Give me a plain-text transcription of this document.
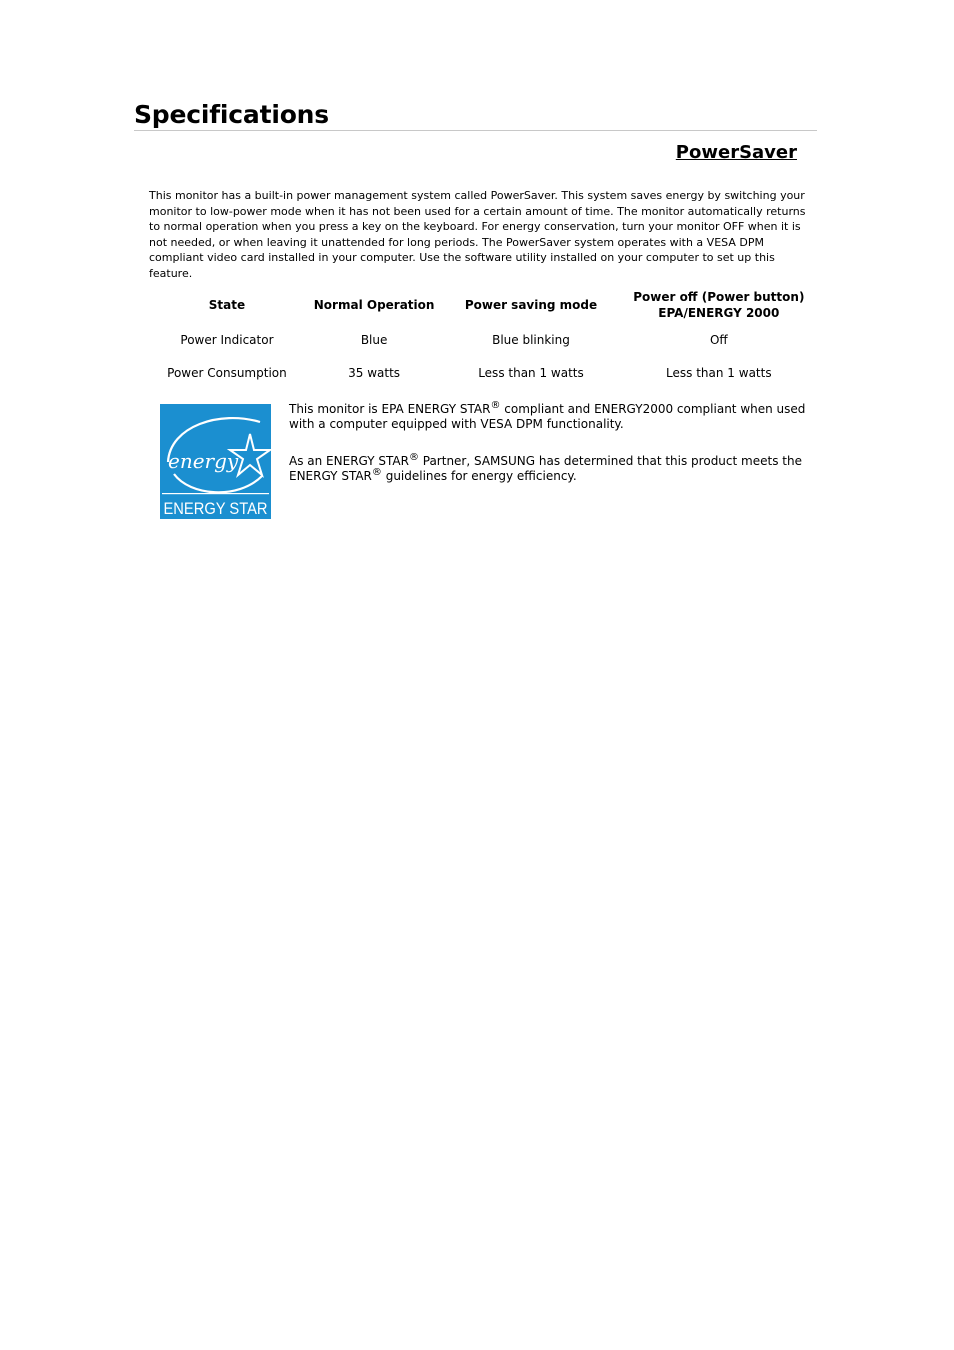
Specifications
PowerSaver

This monitor has a built-in power management system called PowerSaver. This system saves energy by switching your monitor to low-power mode when it has not been used for a certain amount of time. The monitor automatically returns to normal operation when you press a key on the keyboard. For energy conservation, turn your monitor OFF when it is not needed, or when leaving it unattended for long periods. The PowerSaver system operates with a VESA DPM compliant video card installed in your computer. Use the software utility installed on your computer to set up this feature.

State	Normal Operation	Power saving mode	Power off (Power button)
EPA/ENERGY 2000
Power Indicator	Blue	Blue blinking	Off
Power Consumption	35 watts	Less than 1 watts	Less than 1 watts
energy
ENERGY STAR

This monitor is EPA ENERGY STAR® compliant and ENERGY2000 compliant when used with a computer equipped with VESA DPM functionality.

As an ENERGY STAR® Partner, SAMSUNG has determined that this product meets the ENERGY STAR® guidelines for energy efficiency.
